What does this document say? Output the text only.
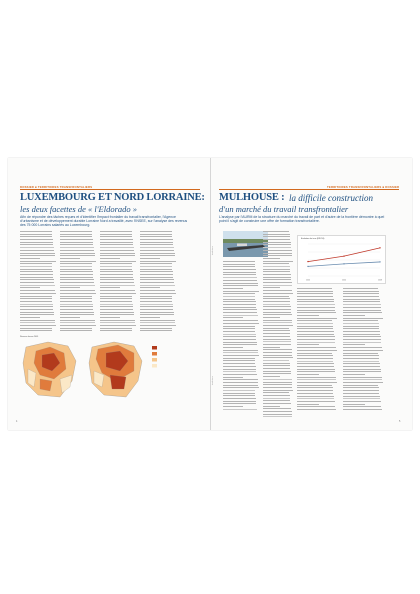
DOSSIER ■ TERRITOIRES TRANSFRONTALIERS
LUXEMBOURG ET NORD LORRAINE:
les deux facettes de « l'Eldorado »
Afin de répondre des tâches reçues et d'identifier l'impact frontalier du travail transfrontalier, l'Agence d'urbanisme et de développement durable Lorraine Nord a travaillé, avec l'INSEE, sur l'analyse des revenus des 75 000 Lorrains salariés au Luxembourg.
Revenus locaux 2005
4
TERRITOIRES TRANSFRONTALIERS ■ DOSSIER
MULHOUSE : la difficile construction
d'un marché du travail transfrontalier
L'analyse par l'AURM de la structure du marché du travail de part et d'autre de la frontière démontre à quel point il s'agit de construire une offre de formation transfrontalière.
Evolution du taux (FR/CH)
2000	2004	2008
territoires
territoires
5
